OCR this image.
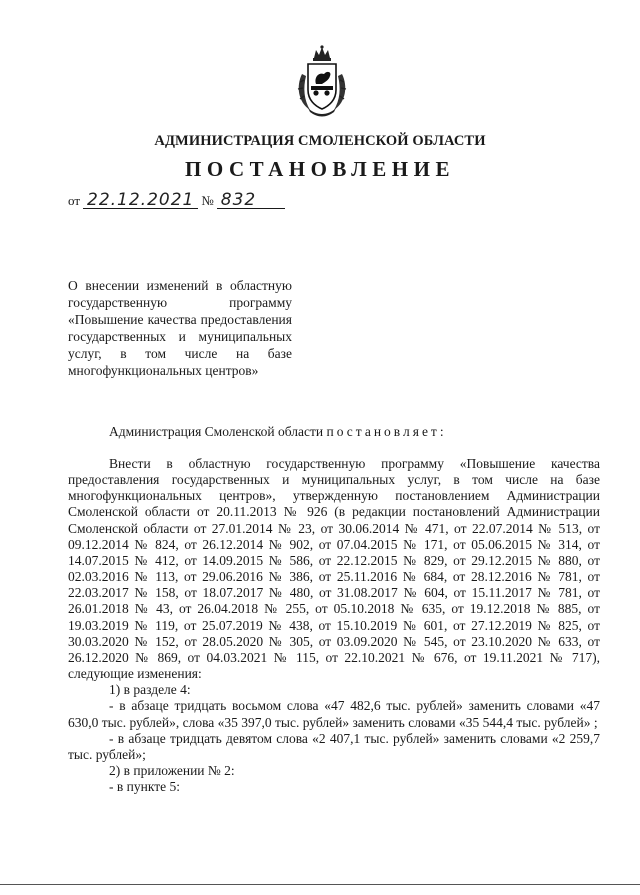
АДМИНИСТРАЦИЯ СМОЛЕНСКОЙ ОБЛАСТИ
ПОСТАНОВЛЕНИЕ
от 22.12.2021 № 832
О внесении изменений в областную государственную программу «Повышение качества предоставления государственных и муниципальных услуг, в том числе на базе многофункциональных центров»
Администрация Смоленской области постановляет:

Внести в областную государственную программу «Повышение качества предоставления государственных и муниципальных услуг, в том числе на базе многофункциональных центров», утвержденную постановлением Администрации Смоленской области от 20.11.2013 № 926 (в редакции постановлений Администрации Смоленской области от 27.01.2014 № 23, от 30.06.2014 № 471, от 22.07.2014 № 513, от 09.12.2014 № 824, от 26.12.2014 № 902, от 07.04.2015 № 171, от 05.06.2015 № 314, от 14.07.2015 № 412, от 14.09.2015 № 586, от 22.12.2015 № 829, от 29.12.2015 № 880, от 02.03.2016 № 113, от 29.06.2016 № 386, от 25.11.2016 № 684, от 28.12.2016 № 781, от 22.03.2017 № 158, от 18.07.2017 № 480, от 31.08.2017 № 604, от 15.11.2017 № 781, от 26.01.2018 № 43, от 26.04.2018 № 255, от 05.10.2018 № 635, от 19.12.2018 № 885, от 19.03.2019 № 119, от 25.07.2019 № 438, от 15.10.2019 № 601, от 27.12.2019 № 825, от 30.03.2020 № 152, от 28.05.2020 № 305, от 03.09.2020 № 545, от 23.10.2020 № 633, от 26.12.2020 № 869, от 04.03.2021 № 115, от 22.10.2021 № 676, от 19.11.2021 № 717), следующие изменения:

1) в разделе 4:

- в абзаце тридцать восьмом слова «47 482,6 тыс. рублей» заменить словами «47 630,0 тыс. рублей», слова «35 397,0 тыс. рублей» заменить словами «35 544,4 тыс. рублей» ;

- в абзаце тридцать девятом слова «2 407,1 тыс. рублей» заменить словами «2 259,7 тыс. рублей»;

2) в приложении № 2:

- в пункте 5:
